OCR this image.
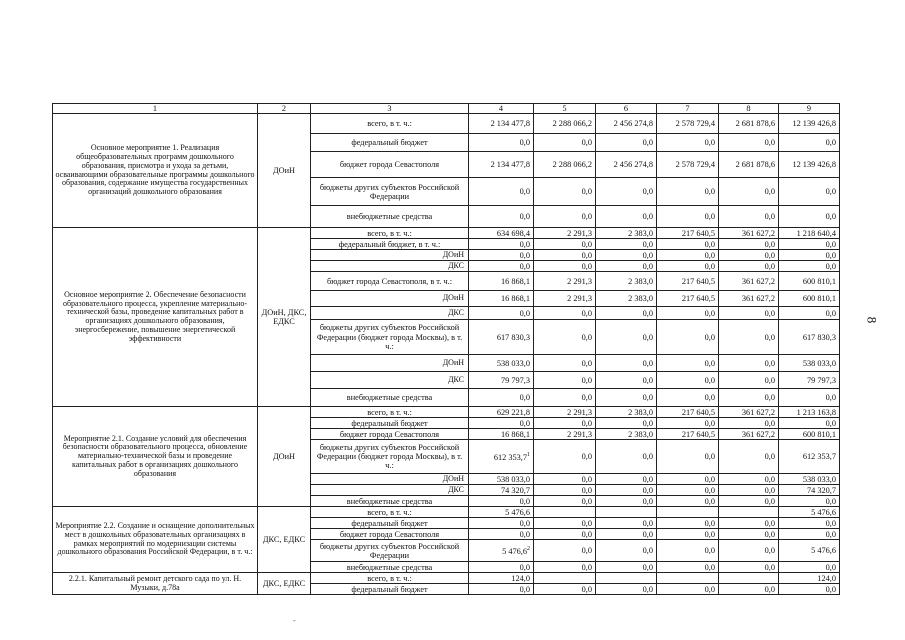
1	2	3	4	5	6	7	8	9
Основное мероприятие 1. Реализация общеобразовательных программ дошкольного образования, присмотра и ухода за детьми, осваивающими образовательные программы дошкольного образования, содержание имущества государственных организаций дошкольного образования	ДОиН	всего, в т. ч.:	2 134 477,8	2 288 066,2	2 456 274,8	2 578 729,4	2 681 878,6	12 139 426,8
		федеральный бюджет	0,0	0,0	0,0	0,0	0,0	0,0
		бюджет города Севастополя	2 134 477,8	2 288 066,2	2 456 274,8	2 578 729,4	2 681 878,6	12 139 426,8
		бюджеты других субъектов Российской Федерации	0,0	0,0	0,0	0,0	0,0	0,0
		внебюджетные средства	0,0	0,0	0,0	0,0	0,0	0,0
Основное мероприятие 2. Обеспечение безопасности образовательного процесса, укрепление материально-технической базы, проведение капитальных работ в организациях дошкольного образования, энергосбережение, повышение энергетической эффективности	ДОиН, ДКС, ЕДКС	всего, в т. ч.:	634 698,4	2 291,3	2 383,0	217 640,5	361 627,2	1 218 640,4
		федеральный бюджет, в т. ч.:	0,0	0,0	0,0	0,0	0,0	0,0
		ДОиН	0,0	0,0	0,0	0,0	0,0	0,0
		ДКС	0,0	0,0	0,0	0,0	0,0	0,0
		бюджет города Севастополя, в т. ч.:	16 868,1	2 291,3	2 383,0	217 640,5	361 627,2	600 810,1
		ДОиН	16 868,1	2 291,3	2 383,0	217 640,5	361 627,2	600 810,1
		ДКС	0,0	0,0	0,0	0,0	0,0	0,0
		бюджеты других субъектов Российской Федерации (бюджет города Москвы), в т. ч.:	617 830,3	0,0	0,0	0,0	0,0	617 830,3
		ДОиН	538 033,0	0,0	0,0	0,0	0,0	538 033,0
		ДКС	79 797,3	0,0	0,0	0,0	0,0	79 797,3
		внебюджетные средства	0,0	0,0	0,0	0,0	0,0	0,0
Мероприятие 2.1. Создание условий для обеспечения безопасности образовательного процесса, обновление материально-технической базы и проведение капитальных работ в организациях дошкольного образования	ДОиН	всего, в т. ч.:	629 221,8	2 291,3	2 383,0	217 640,5	361 627,2	1 213 163,8
		федеральный бюджет	0,0	0,0	0,0	0,0	0,0	0,0
		бюджет города Севастополя	16 868,1	2 291,3	2 383,0	217 640,5	361 627,2	600 810,1
		бюджеты других субъектов Российской Федерации (бюджет города Москвы), в т. ч.:	612 353,7$^1$	0,0	0,0	0,0	0,0	612 353,7
		ДОиН	538 033,0	0,0	0,0	0,0	0,0	538 033,0
		ДКС	74 320,7	0,0	0,0	0,0	0,0	74 320,7
		внебюджетные средства	0,0	0,0	0,0	0,0	0,0	0,0
Мероприятие 2.2. Создание и оснащение дополнительных мест в дошкольных образовательных организациях в рамках мероприятий по модернизации системы дошкольного образования Российской Федерации, в т. ч.:	ДКС, ЕДКС	всего, в т. ч.:	5 476,6					5 476,6
		федеральный бюджет	0,0	0,0	0,0	0,0	0,0	0,0
		бюджет города Севастополя	0,0	0,0	0,0	0,0	0,0	0,0
		бюджеты других субъектов Российской Федерации	5 476,6$^2$	0,0	0,0	0,0	0,0	5 476,6
		внебюджетные средства	0,0	0,0	0,0	0,0	0,0	0,0
2.2.1. Капитальный ремонт детского сада по ул. Н. Музыки, д.78а	ДКС, ЕДКС	всего, в т. ч.:	124,0					124,0
		федеральный бюджет	0,0	0,0	0,0	0,0	0,0	0,0
8
-
